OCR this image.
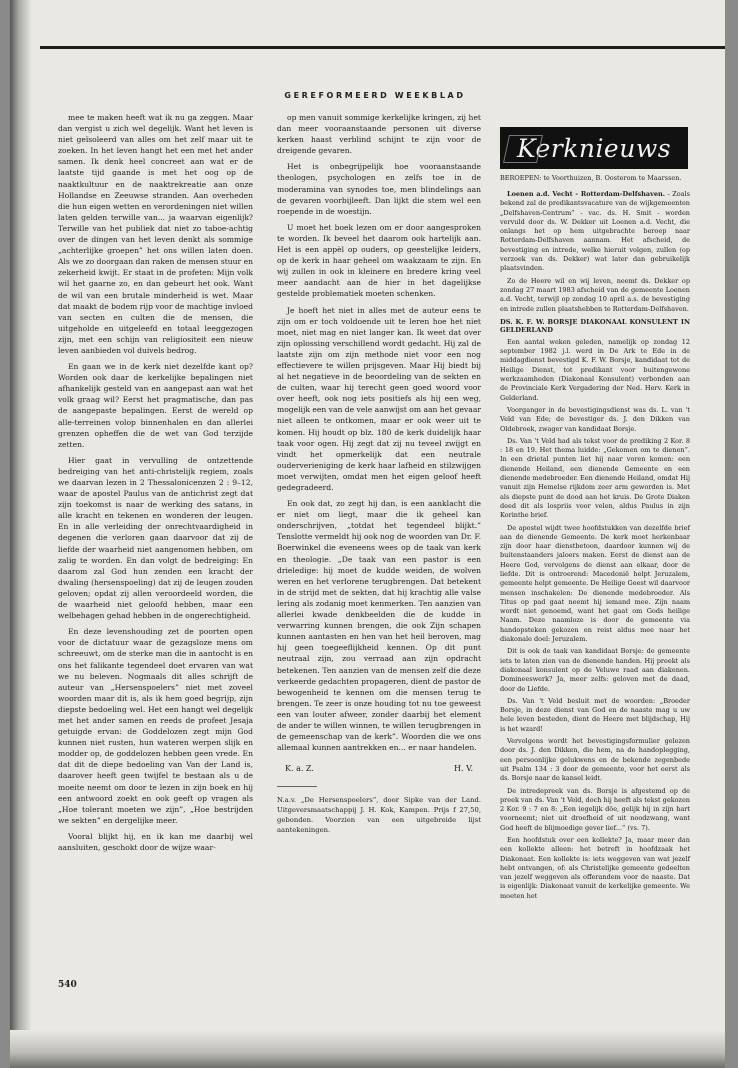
GEREFORMEERD WEEKBLAD

mee te maken heeft wat ik nu ga zeggen. Maar dan vergist u zich wel degelijk. Want het leven is niet geïsoleerd van alles om het zelf maar uit te zoeken. In het leven hangt het een met het ander samen. Ik denk heel concreet aan wat er de laatste tijd gaande is met het oog op de naaktkultuur en de naaktrekreatie aan onze Hollandse en Zeeuwse stranden. Aan overheden die hun eigen wetten en verordeningen niet willen laten gelden terwille van... ja waarvan eigenlijk? Terwille van het publiek dat niet zo taboe-achtig over de dingen van het leven denkt als sommige „achterlijke groepen” het ons willen laten doen. Als we zo doorgaan dan raken de mensen stuur en zekerheid kwijt. Er staat in de profeten: Mijn volk wil het gaarne zo, en dan gebeurt het ook. Want de wil van een brutale minderheid is wet. Maar dat maakt de bodem rijp voor de machtige invloed van secten en culten die de mensen, die uitgeholde en uitgeleefd en totaal leeggezogen zijn, met een schijn van religiositeit een nieuw leven aanbieden vol duivels bedrog.

En gaan we in de kerk niet dezelfde kant op? Worden ook daar de kerkelijke bepalingen niet afhankelijk gesteld van en aangepast aan wat het volk graag wil? Eerst het pragmatische, dan pas de aangepaste bepalingen. Eerst de wereld op alle-terreinen volop binnenhalen en dan allerlei grenzen opheffen die de wet van God terzijde zetten.

Hier gaat in vervulling de ontzettende bedreiging van het anti-christelijk regiem, zoals we daarvan lezen in 2 Thessalonicenzen 2 : 9–12, waar de apostel Paulus van de antichrist zegt dat zijn toekomst is naar de werking des satans, in alle kracht en tekenen en wonderen der leugen. En in alle verleiding der onrechtvaardigheid in degenen die verloren gaan daarvoor dat zij de liefde der waarheid niet aangenomen hebben, om zalig te worden. En dan volgt de bedreiging: En daarom zal God hun zenden een kracht der dwaling (hersenspoeling) dat zij de leugen zouden geloven; opdat zij allen veroordeeld worden, die de waarheid niet geloofd hebben, maar een welbehagen gehad hebben in de ongerechtigheid.

En deze levenshouding zet de poorten open voor de dictatuur waar de gezagsloze mens om schreeuwt, om de sterke man die in aantocht is en ons het falikante tegendeel doet ervaren van wat we nu beleven. Nogmaals dit alles schrijft de auteur van „Hersenspoelers” niet met zoveel woorden maar dit is, als ik hem goed begrijp, zijn diepste bedoeling wel. Het een hangt wel degelijk met het ander samen en reeds de profeet Jesaja getuigde ervan: de Goddelozen zegt mijn God kunnen niet rusten, hun wateren werpen slijk en modder op, de goddelozen hebben geen vrede. En dat dit de diepe bedoeling van Van der Land is, daarover heeft geen twijfel te bestaan als u de moeite neemt om door te lezen in zijn boek en hij een antwoord zoekt en ook geeft op vragen als „Hoe tolerant moeten we zijn”, „Hoe bestrijden we sekten” en dergelijke meer.

Vooral blijkt hij, en ik kan me daarbij wel aansluiten, geschokt door de wijze waar-

op men vanuit sommige kerkelijke kringen, zij het dan meer vooraanstaande personen uit diverse kerken haast verblind schijnt te zijn voor de dreigende gevaren.

Het is onbegrijpelijk hoe vooraanstaande theologen, psychologen en zelfs toe in de moderamina van synodes toe, men blindelings aan de gevaren voorbijleeft. Dan lijkt die stem wel een roepende in de woestijn.

U moet het boek lezen om er door aangesproken te worden. Ik beveel het daarom ook hartelijk aan. Het is een appèl op ouders, op geestelijke leiders, op de kerk in haar geheel om waakzaam te zijn. En wij zullen in ook in kleinere en bredere kring veel meer aandacht aan de hier in het dagelijkse gestelde problematiek moeten schenken.

Je hoeft het niet in alles met de auteur eens te zijn om er toch voldoende uit te leren hoe het niet moet, niet mag en niet langer kan. Ik weet dat over zijn oplossing verschillend wordt gedacht. Hij zal de laatste zijn om zijn methode niet voor een nog effectievere te willen prijsgeven. Maar Hij biedt bij al het negatieve in de beoordeling van de sekten en de culten, waar hij terecht geen goed woord voor over heeft, ook nog iets positiefs als hij een weg, mogelijk een van de vele aanwijst om aan het gevaar niet alleen te ontkomen, maar er ook weer uit te komen. Hij houdt op blz. 180 de kerk duidelijk haar taak voor ogen. Hij zegt dat zij nu teveel zwijgt en vindt het opmerkelijk dat een neutrale ouderverieniging de kerk haar lafheid en stilzwijgen moet verwijten, omdat men het eigen geloof heeft gedegradeerd.

En ook dat, zo zegt hij dan, is een aanklacht die er niet om liegt, maar die ik geheel kan onderschrijven, „totdat het tegendeel blijkt.” Tenslotte vermeldt hij ook nog de woorden van Dr. F. Boerwinkel die eveneens wees op de taak van kerk en theologie. „De taak van een pastor is een drieledige: hij moet de kudde weiden, de wolven weren en het verlorene terugbrengen. Dat betekent in de strijd met de sekten, dat hij krachtig alle valse lering als zodanig moet kenmerken. Ten aanzien van allerlei kwade denkbeelden die de kudde in verwarring kunnen brengen, die ook Zijn schapen kunnen aantasten en hen van het heil beroven, mag hij geen toegeeflijkheid kennen. Op dit punt neutraal zijn, zou verraad aan zijn opdracht betekenen. Ten aanzien van de mensen zelf die deze verkeerde gedachten propageren, dient de pastor de bewogenheid te kennen om die mensen terug te brengen. Te zeer is onze houding tot nu toe geweest een van louter afweer, zonder daarbij het element de ander te willen winnen, te willen terugbrengen in de gemeenschap van de kerk”. Woorden die we ons allemaal kunnen aantrekken en... er naar handelen.

K. a. Z.	H. V.

N.a.v. „De Hersenspoelers”, door Sipke van der Land. Uitgeversmaatschappij J. H. Kok, Kampen. Prijs f 27,50, gebonden. Voorzien van een uitgebreide lijst aantekeningen.

Kerknieuws
BEROEPEN: te Voorthuizen, B. Oosterom te Maarssen.

Loenen a.d. Vecht - Rotterdam-Delfshaven. - Zoals bekend zal de predikantsvacature van de wijkgemeenten „Delfshaven-Centrum” - vac. ds. H. Smit - worden vervuld door ds. W. Dekker uit Loenen a.d. Vecht, die onlangs het op hem uitgebrachte beroep naar Rotterdam-Delfshaven aannam. Het afscheid, de bevestiging en intrede, welke hieruit volgen, zullen (op verzoek van ds. Dekker) wat later dan gebruikelijk plaatsvinden.

Zo de Heere wil en wij leven, neemt ds. Dekker op zondag 27 maart 1983 afscheid van de gemeente Loenen a.d. Vecht, terwijl op zondag 10 april a.s. de bevestiging en intrede zullen plaatshebben te Rotterdam-Delfshaven.

DS. K. F. W. BORSJE DIAKONAAL KONSULENT IN GELDERLAND

Een aantal weken geleden, namelijk op zondag 12 september 1982 j.l. werd in De Ark te Ede in de middagdienst bevestigd K. F. W. Borsje, kandidaat tot de Heilige Dienst, tot predikant voor buitengewone werkzaamheden (Diakonaal Konsulent) verbonden aan de Provinciale Kerk Vergadering der Ned. Herv. Kerk in Gelderland.

Voorganger in de bevestigingsdienst was ds. L. van 't Veld van Ede; de bevestiger ds. J. den Dikken van Oldebroek, zwager van kandidaat Borsje.

Ds. Van 't Veld had als tekst voor de prediking 2 Kor. 8 : 18 en 19. Het thema luidde: „Gekomen om te dienen”. In een drietal punten liet hij naar voren komen: een dienende Heiland, een dienende Gemeente en een dienende medebroeder. Een dienende Heiland, omdat Hij vanuit zijn Hemelse rijkdom zeer arm geworden is. Met als diepste punt de dood aan het kruis. De Grote Diaken deed dit als lospriis voor velen, aldus Paulus in zijn Korinthe brief.

De apostel wijdt twee hoofdstukken van dezelfde brief aan de dienende Gemeente. De kerk moet herkenbaar zijn door haar dienstbetoon, daardoor kunnen wij de buitenstaanders jaloers maken. Eerst de dienst aan de Heere God, vervolgens de dienst aan elkaar, door de liefde. Dit is ontroerend: Macedonië helpt Jeruzalem, gemeente helpt gemeente. De Heilige Geest wil daarvoor mensen inschakelen: De dienende medebroeder. Als Titus op pad gaat neemt hij iemand mee. Zijn naam wordt niet genoemd, want het gaat om Gods heilige Naam. Deze naamloze is door de gemeente via handopsteken gekozen en reist aldus mee naar het diakonale doel: Jeruzalem.

Dit is ook de taak van kandidaat Borsje: de gemeente iets te laten zien van de dienende handen. Hij preekt als diakonaal konsulent op de Veluwe raad aan diakenen. Domineeswerk? Ja, meer zelfs: geloven met de daad, door de Liefde.

Ds. Van 't Veld besluit met de woorden: „Broeder Borsje, in deze dienst van God en de naaste mag u uw hele leven besteden, dient de Heere met blijdschap, Hij is het wzard!

Vervolgens wordt het bevestigingsformulier gelezen door ds. J. den Dikken, die hem, na de handoplegging, een persoonlijke gelukwens en de bekende zegenbede uit Psalm 134 : 3 door de gemeente, voor het eerst als ds. Borsje naar de kansel leidt.

De intredepreek van ds. Borsje is afgestemd op de preek van ds. Van 't Veld, doch hij heeft als tekst gekozen 2 Kor. 9 : 7 en 8: „Een iegelijk döe, gelijk hij in zijn hart voorneemt; niet uit droefheid of uit noodzwang, want God heeft de blijmoedige gever lief...” (vs. 7).

Een hoofdstuk over een kollekte? Ja, maar meer dan een kollekte alleen: het betreft in hoofdzaak het Diakonaat. Een kollekte is: iets weggeven van wat jezelf hebt ontvangen, of: als Christelijke gemeente gedeelten van jezelf weggeven als offerandem voor de naaste. Dat is eigenlijk: Diakonaat vanuit de kerkelijke gemeente. We moeten het

540
